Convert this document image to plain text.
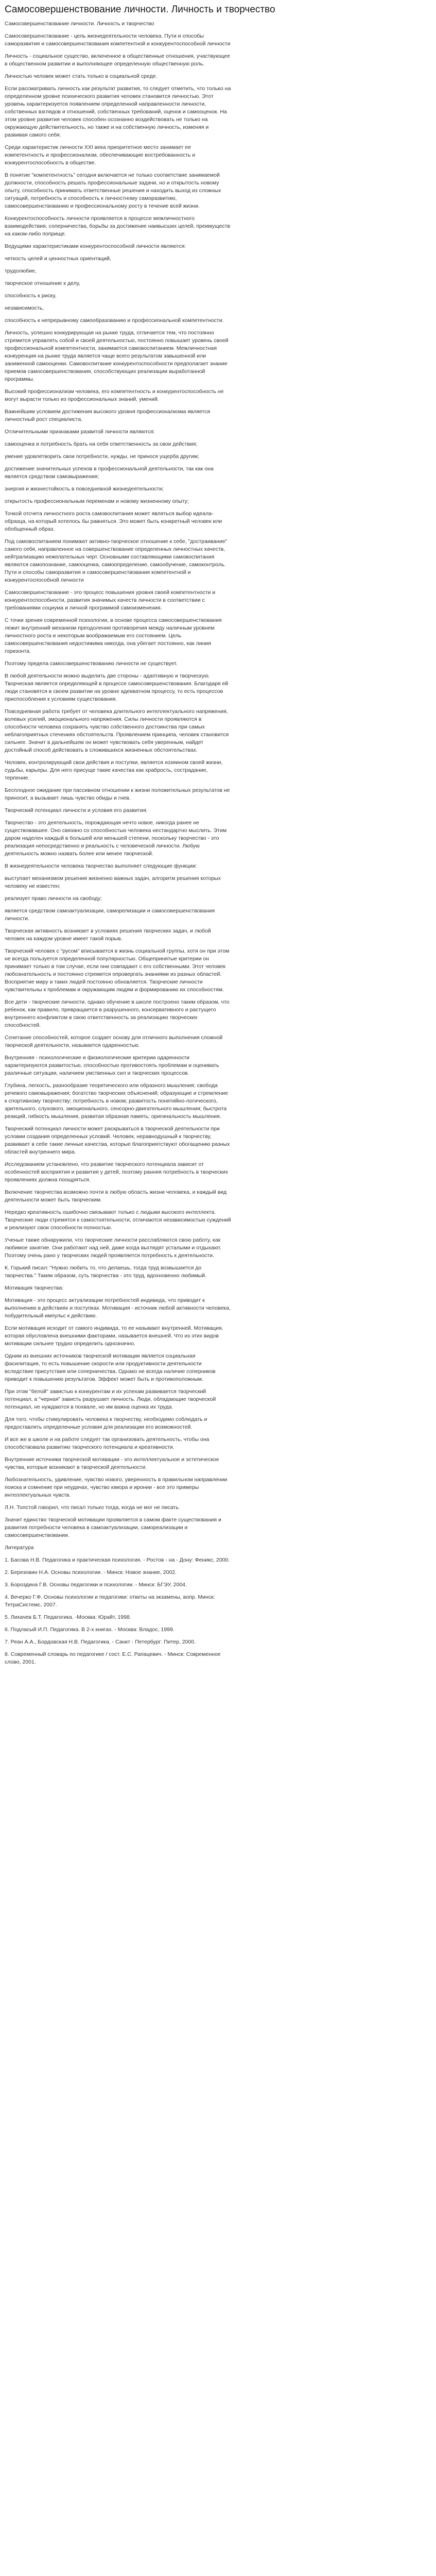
Самосовершенствование личности. Личность и творчество

Самосовершенствование личности. Личность и творчество

Самосовершенствование - цель жизнедеятельности человека. Пути и способы саморазвития и самосовершенствования компетентной и конкурентоспособной личности

Личность - социальное существо, включенное в общественные отношения, участвующее в общественном развитии и выполняющее определенную общественную роль.

Личностью человек может стать только в социальной среде.

Если рассматривать личность как результат развития, то следует отметить, что только на определенном уровне психического развития человек становится личностью. Этот уровень характеризуется появлением определенной направленности личности, собственных взглядов и отношений, собственных требований, оценок и самооценок. На этом уровне развития человек способен осознанно воздействовать не только на окружающую действительность, но также и на собственную личность, изменяя и развивая самого себя.

Среди характеристик личности XXI века приоритетное место занимает ее компетентность и профессионализм, обеспечивающие востребованность и конкурентоспособность в обществе.

В понятие "компетентность" сегодня включается не только соответствие занимаемой должности, способность решать профессиональные задачи, но и открытость новому опыту, способность принимать ответственные решения и находить выход из сложных ситуаций, потребность и способность к личностному саморазвитию, самосовершенствованию и профессиональному росту в течение всей жизни.

Конкурентоспособность личности проявляется в процессе межличностного взаимодействия, соперничества, борьбы за достижение наивысших целей, преимуществ на каком-либо поприще.

Ведущими характеристиками конкурентоспособной личности являются:

четкость целей и ценностных ориентаций,

трудолюбие,

творческое отношение к делу,

способность к риску,

независимость,

способность к непрерывному самообразованию и профессиональной компетентности.

Личность, успешно конкурирующая на рынке труда, отличается тем, что постоянно стремится управлять собой и своей деятельностью, постоянно повышает уровень своей профессиональной компетентности, занимается самовоспитанием. Межличностная конкуренция на рынке труда является чаще всего результатом завышенной или заниженной самооценки. Самовоспитание конкурентоспособности предполагает знание приемов самосовершенствования, способствующих реализации выработанной программы.

Высокий профессионализм человека, его компетентность и конкурентоспособность не могут вырасти только из профессиональных знаний, умений.

Важнейшим условием достижения высокого уровня профессионализма является личностный рост специалиста.

Отличительными признаками развитой личности являются:

самооценка и потребность брать на себя ответственность за свои действия;

умение удовлетворить свои потребности, нужды, не принося ущерба другим;

достижение значительных успехов в профессиональной деятельности, так как она является средством самовыражения;

энергия и жизнестойкость в повседневной жизнедеятельности;

открытость профессиональным переменам и новому жизненному опыту;

Точкой отсчета личностного роста самовоспитания может являться выбор идеала-образца, на который хотелось бы равняться. Это может быть конкретный человек или обобщенный образ.

Под самовоспитанием понимают активно-творческое отношение к себе, "достраивание" самого себя, направленное на совершенствование определенных личностных качеств, нейтрализацию нежелательных черт. Основными составляющими самовоспитания являются самопознание, самооценка, самоопределение, самообучение, самоконтроль. Пути и способы саморазвития и самосовершенствования компетентной и конкурентоспособной личности

Самосовершенствование - это процесс повышения уровня своей компетентности и конкурентоспособности, развития значимых качеств личности в соответствии с требованиями социума и личной программой самоизменения.

С точки зрения современной психологии, в основе процесса самосовершенствования лежит внутренний механизм преодоления противоречия между наличным уровнем личностного роста и некоторым воображаемым его состоянием. Цель самосовершенствования недостижима никогда, она убегает постоянно, как линия горизонта.

Поэтому предела самосовершенствованию личности не существует.

В любой деятельности можно выделить две стороны - адаптивную и творческую. Творческая является определяющей в процессе самосовершенствования. Благодаря ей люди становятся в своем развитии на уровне адекватном процессу, то есть процессов приспособления к условиям существования.

Повседневная работа требует от человека длительного интеллектуального напряжения, волевых усилий, эмоционального напряжения. Силы личности проявляются в способности человека сохранять чувство собственного достоинства при самых неблагоприятных стечениях обстоятельств. Проявлением принципа, человек становится сильнее. Значит в дальнейшем он может чувствовать себя уверенным, найдет достойный способ действовать в сложившихся жизненных обстоятельствах.

Человек, контролирующий свои действия и поступки, является хозяином своей жизни, судьбы, карьеры. Для него присуще такие качества как храбрость, сострадание, терпение.

Бесплодное ожидание при пассивном отношении к жизни положительных результатов не приносит, а вызывает лишь чувство обиды и гнев.

Творческий потенциал личности и условия его развития:

Творчество - это деятельность, порождающая нечто новое, никогда ранее не существовавшее. Оно связано со способностью человека нестандартно мыслить. Этим даром наделен каждый в большей или меньшей степени, поскольку творчество - это реализация непосредственно и реальность с человеческой личности. Любую деятельность можно назвать более или менее творческой.

В жизнедеятельности человека творчество выполняет следующие функции:

выступает механизмом решения жизненно важных задач, алгоритм решения которых человеку не известен;

реализует право личности на свободу;

является средством самоактуализации, саморелизации и самосовершенствования личности.

Творческая активность возникает в условиях решения творческих задач, и любой человек на каждом уровне имеет такой порыв.

Творческий человек с "русом" вписывается в жизнь социальной группы, хотя он при этом не всегда пользуется определенной популярностью. Общепринятые критерии он принимает только в том случае, если они совпадают с его собственными. Этот человек любознательность и постоянно стремится опровергать знаниями из разных областей. Восприятие миру и таких людей постоянно обновляется. Творческие личности чувствительны к проблемам и окружающим людям и формированию их способностям.

Все дети - творческие личности, однако обучение в школе построено таким образом, что ребенок, как правило, превращается в разрушенного, консервативного и растущего внутреннего конфликтом в свою ответственность за реализацию творческих способностей.

Сочетание способностей, которое создает основу для отличного выполнения сложной творческой деятельности, называется одаренностью.

Внутренняя - психологические и физиологические критерии одаренности характеризуются развитостью, способностью противостоять проблемам и оценивать различные ситуации, наличием умственных сил и творческих процессов.

Глубина, легкость, разнообразие теоретического или образного мышления; свобода речевого самовыражения; богатство творческих объяснений; образующие и стремление к спортивному творчеству; потребность в новом; развитость понятийно-логического, зрительного, слухового, эмоционального, сенсорно-двигательного мышления; быстрота реакций, гибкость мышления, развитая образная память; оригинальность мышления.

Творческий потенциал личности может раскрываться в творческой деятельности при условии создания определенных условий. Человек, неравнодушный к творчеству, развивает в себе такие личные качества, которые благоприятствуют обогащению разных областей внутреннего мира.

Исследованием установлено, что развитие творческого потенциала зависит от особенностей восприятия и развития у детей, поэтому ранняя потребность в творческих проявлениях должна поощряться.

Включение творчества возможно почти в любую область жизни человека, и каждый вид деятельности может быть творческим.

Нередко креативность ошибочно связывают только с людьми высокого интеллекта. Творческие люди стремятся к самостоятельности, отличаются независимостью суждений и реализуют свои способности полностью.

Ученые также обнаружили, что творческие личности расслабляются свою работу, как любимое занятие. Они работают над ней, даже когда выглядят усталыми и отдыхают. Поэтому очень рано у творческих людей проявляется потребность к деятельности.

К. Горький писал: "Нужно любить то, что делаешь, тогда труд возвышается до творчества." Таким образом, суть творчества - это труд, вдохновенно любимый.

Мотивация творчества:

Мотивация - это процесс актуализации потребностей индивида, что приводит к выполнению в действиях и поступках. Мотивация - источник любой активности человека, побудительный импульс к действию.

Если мотивация исходит от самого индивида, то ее называют внутренней. Мотивация, которая обусловлена внешними факторами, называется внешней. Что из этих видов мотивации сильнее трудно определить однозначно.

Одним из внешних источников творческой мотивации является социальная фасилитация, то есть повышение скорости или продуктивности деятельности вследствие присутствия или соперничества. Однако не всегда наличие соперников приводит к повышению результатов. Эффект может быть и противоположным.

При этом "белой" завистью к конкурентам и их успехам развивается творческий потенциал, а "черная" зависть разрушает личность. Люди, обладающие творческой потенциал, не нуждаются в похвале, но им важна оценка их труда.

Для того, чтобы стимулировать человека к творчеству, необходимо соблюдать и предоставлять определенные условия для реализации его возможностей.

И все же в школе и на работе следует так организовать деятельность, чтобы она способствовала развитию творческого потенциала и креативности.

Внутренние источники творческой мотивации - это интеллектуальное и эстетическое чувства, которые возникают в творческой деятельности.

Любознательность, удивление, чувство нового, уверенность в правильном направлении поиска и сомнение при неудачах, чувство юмора и иронии - все это примеры интеллектуальных чувств.

Л.Н. Толстой говорил, что писал только тогда, когда не мог не писать.

Значит единство творческой мотивации проявляется в самом факте существования и развития потребности человека в самоактуализации, самореализации и самосовершенствовании.

Литература

1. Басова Н.В. Педагогика и практическая психология. - Ростов - на - Дону: Феникс, 2000.

2. Березовин Н.А. Основы психологии. - Минск: Новое знание, 2002.

3. Бороздина Г.В. Основы педагогики и психологии. - Минск: БГЭУ, 2004.

4. Вечерко Г.Ф. Основы психологии и педагогики: ответы на экзамены, вопр. Минск: ТетраСистемс, 2007.

5. Лихачев Б.Т. Педагогика. -Москва: Юрайт, 1998.

6. Подласый И.П. Педагогика. В 2-х книгах. - Москва: Владос, 1999.

7. Реан А.А., Бордовская Н.В. Педагогика. - Санкт - Петербург: Питер, 2000.

8. Современный словарь по педагогике / сост. Е.С. Рапацевич. - Минск: Современное слово, 2001.
